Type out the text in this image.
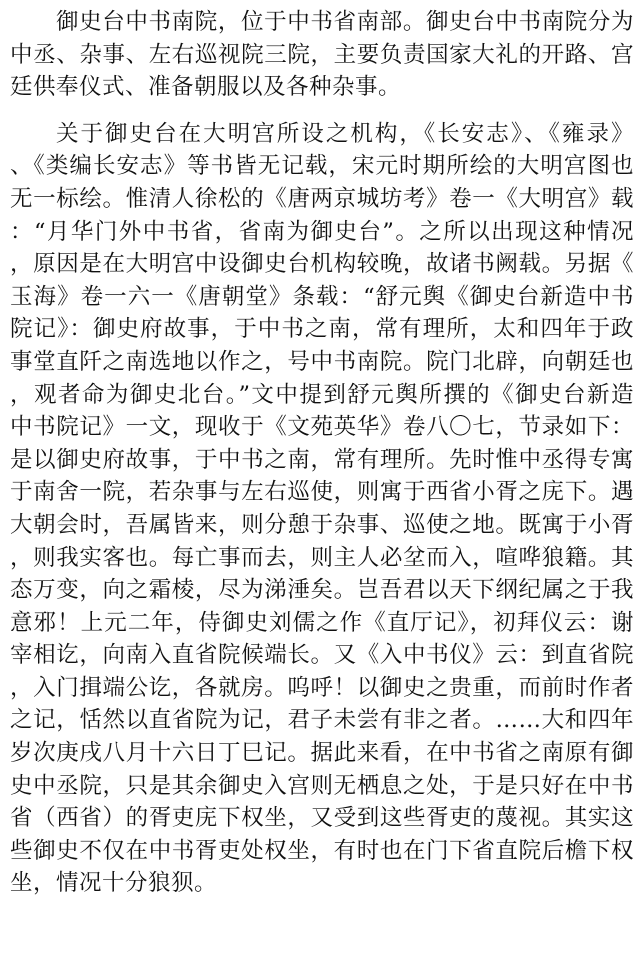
御史台中书南院，位于中书省南部。御史台中书南院分为
中丞、杂事、左右巡视院三院，主要负责国家大礼的开路、宫
廷供奉仪式、准备朝服以及各种杂事。
关于御史台在大明宫所设之机构，《长安志》、《雍录》
、《类编长安志》等书皆无记载，宋元时期所绘的大明宫图也
无一标绘。惟清人徐松的《唐两京城坊考》卷一《大明宫》载
：“月华门外中书省，省南为御史台”。之所以出现这种情况
，原因是在大明宫中设御史台机构较晚，故诸书阙载。另据《
玉海》卷一六一《唐朝堂》条载：“舒元舆《御史台新造中书
院记》：御史府故事，于中书之南，常有理所，太和四年于政
事堂直阡之南选地以作之，号中书南院。院门北辟，向朝廷也
，观者命为御史北台。”文中提到舒元舆所撰的《御史台新造
中书院记》一文，现收于《文苑英华》卷八〇七，节录如下：
是以御史府故事，于中书之南，常有理所。先时惟中丞得专寓
于南舍一院，若杂事与左右巡使，则寓于西省小胥之庑下。遇
大朝会时，吾属皆来，则分憩于杂事、巡使之地。既寓于小胥
，则我实客也。每亡事而去，则主人必坌而入，喧哗狼籍。其
态万变，向之霜棱，尽为涕涶矣。岂吾君以天下纲纪属之于我
意邪！上元二年，侍御史刘儒之作《直厅记》，初拜仪云：谢
宰相讫，向南入直省院候端长。又《入中书仪》云：到直省院
，入门揖端公讫，各就房。呜呼！以御史之贵重，而前时作者
之记，恬然以直省院为记，君子未尝有非之者。……大和四年
岁次庚戌八月十六日丁巳记。据此来看，在中书省之南原有御
史中丞院，只是其余御史入宫则无栖息之处，于是只好在中书
省（西省）的胥吏庑下权坐，又受到这些胥吏的蔑视。其实这
些御史不仅在中书胥吏处权坐，有时也在门下省直院后檐下权
坐，情况十分狼狈。
